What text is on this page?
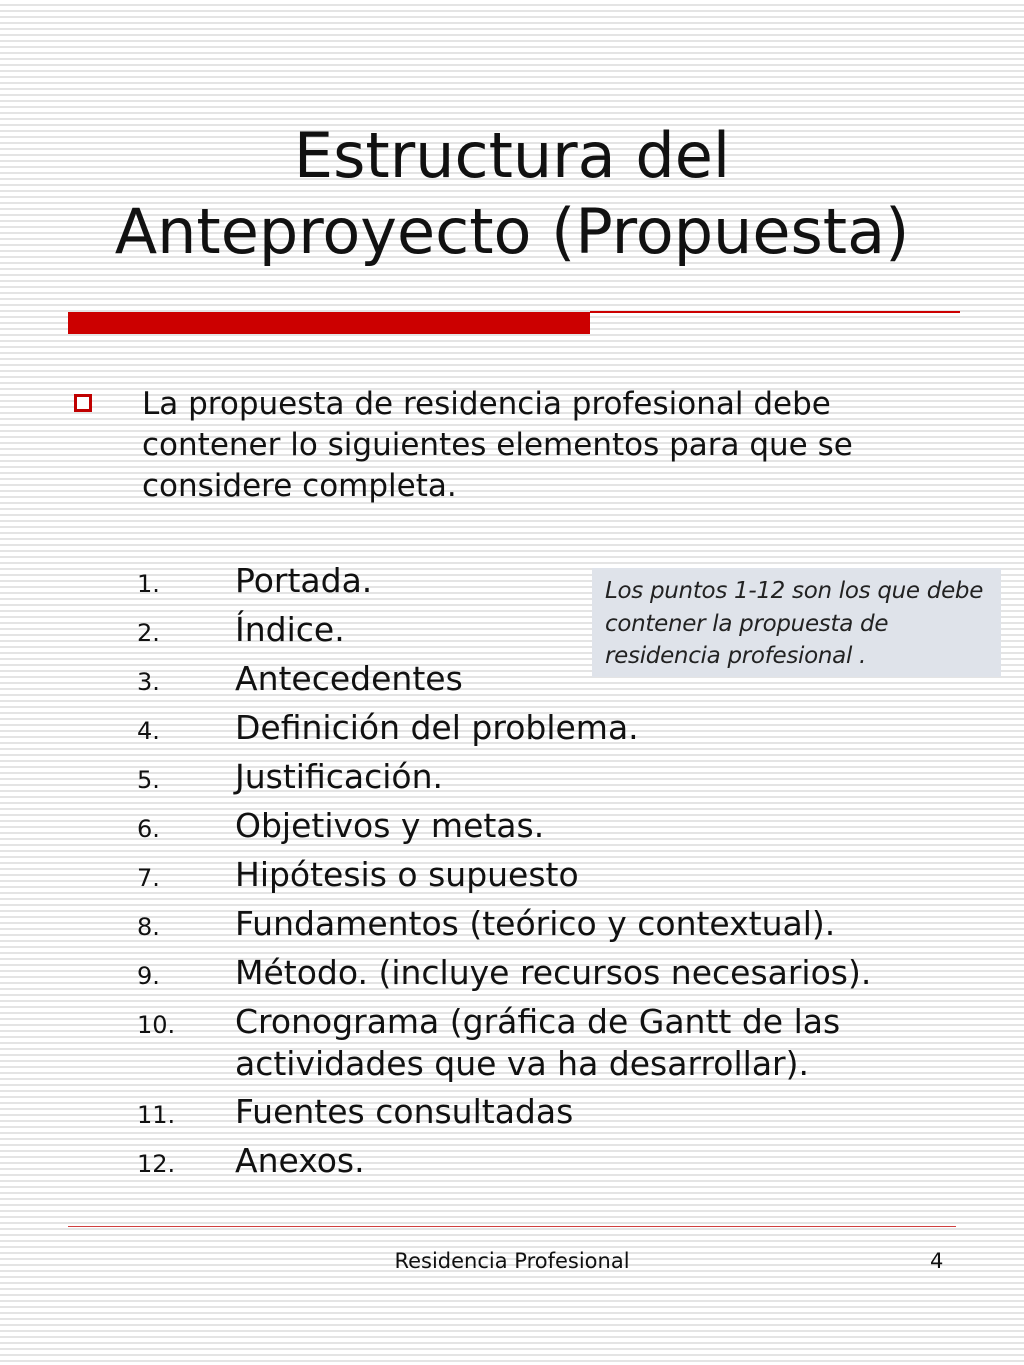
Estructura del
Anteproyecto (Propuesta)
La propuesta de residencia profesional debe contener lo siguientes elementos para que se considere completa.
1. Portada.
2. Índice.
3. Antecedentes
4. Definición del problema.
5. Justificación.
6. Objetivos y metas.
7. Hipótesis o supuesto
8. Fundamentos (teórico y contextual).
9. Método. (incluye recursos necesarios).
10. Cronograma (gráfica de Gantt de las actividades que va ha desarrollar).
11. Fuentes consultadas
12. Anexos.
Los puntos 1-12 son los que debe contener la propuesta de residencia profesional .
Residencia Profesional	4
